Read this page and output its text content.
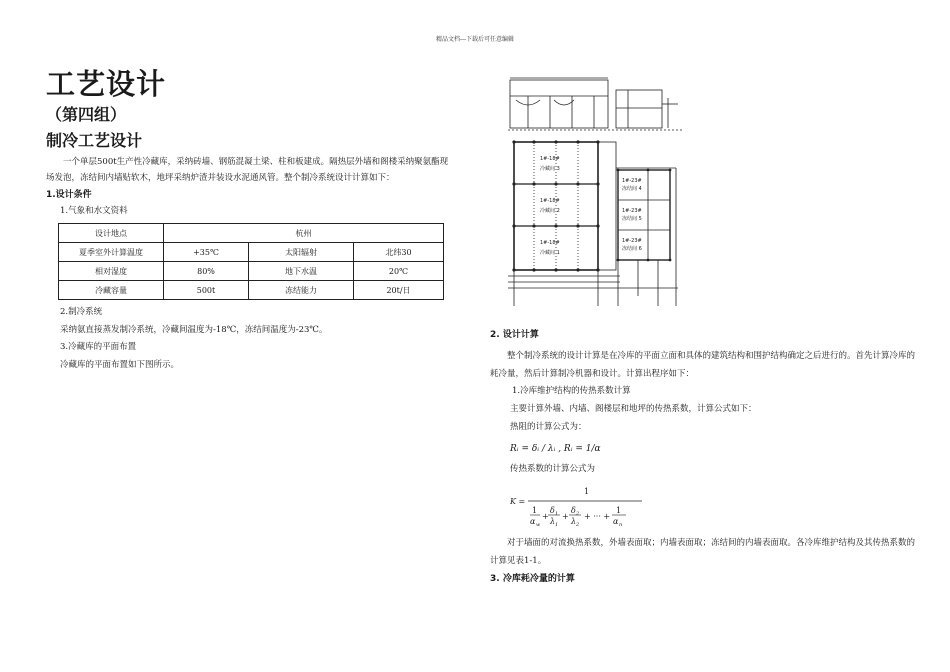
精品文档---下载后可任意编辑
工艺设计
（第四组）
制冷工艺设计

一个单层500t生产性冷藏库，采纳砖墙、钢筋混凝土梁、柱和板建成。隔热层外墙和阁楼采纳聚氨酯现场发泡，冻结间内墙贴软木，地坪采纳炉渣并装设水泥通风管。整个制冷系统设计计算如下：

1.设计条件

1.气象和水文资料

设计地点	杭州		
夏季室外计算温度	+35℃	太阳辐射	北纬30
相对湿度	80%	地下水温	20℃
冷藏容量	500t	冻结能力	20t/日

2.制冷系统

采纳氨直接蒸发制冷系统，冷藏间温度为-18℃，冻结间温度为-23℃。

3.冷藏库的平面布置

冷藏库的平面布置如下图所示。

1#-18#
冷藏间 3
1#-18#
冷藏间 2
1#-18#
冷藏间 1
1#-23#
冻结间 4
1#-23#
冻结间 5
1#-23#
冻结间 6
2. 设计计算

整个制冷系统的设计计算是在冷库的平面立面和具体的建筑结构和围护结构确定之后进行的。首先计算冷库的耗冷量，然后计算制冷机器和设计。计算出程序如下：

1.冷库维护结构的传热系数计算

主要计算外墙、内墙、阁楼层和地坪的传热系数，计算公式如下：

热阻的计算公式为：

Rᵢ = δᵢ / λᵢ , Rᵢ = 1/α

传热系数的计算公式为

K =
1
1
α w
+
δ 1
λ 1
+
δ 2
λ 2
+ ··· +
1
α n

对于墙面的对流换热系数，外墙表面取；内墙表面取；冻结间的内墙表面取。各冷库维护结构及其传热系数的计算见表1-1。

3. 冷库耗冷量的计算
